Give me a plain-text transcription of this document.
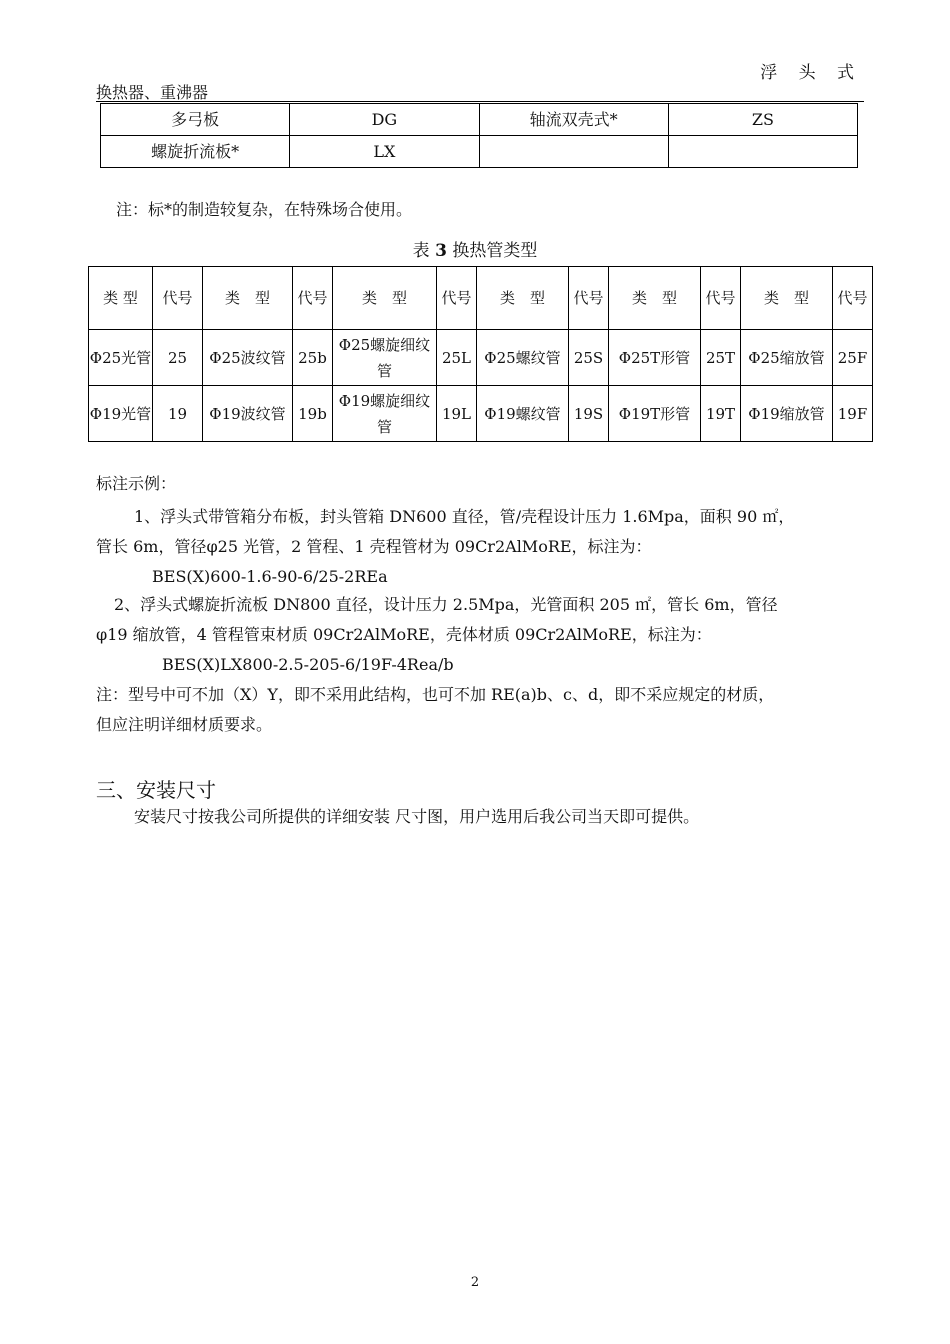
浮 头 式
换热器、重沸器
多弓板	DG	轴流双壳式*	ZS
螺旋折流板*	LX		
注：标*的制造较复杂，在特殊场合使用。
表 3 换热管类型
类 型	代号	类　型	代号	类　型	代号	类　型	代号	类　型	代号	类　型	代号
Φ25光管	25	Φ25波纹管	25b	Φ25螺旋细纹管	25L	Φ25螺纹管	25S	Φ25T形管	25T	Φ25缩放管	25F
Φ19光管	19	Φ19波纹管	19b	Φ19螺旋细纹管	19L	Φ19螺纹管	19S	Φ19T形管	19T	Φ19缩放管	19F
标注示例：
1、浮头式带管箱分布板，封头管箱 DN600 直径，管/壳程设计压力 1.6Mpa，面积 90 ㎡，
管长 6m，管径φ25 光管，2 管程、1 壳程管材为 09Cr2AlMoRE，标注为：
BES(X)600-1.6-90-6/25-2REa
2、浮头式螺旋折流板 DN800 直径，设计压力 2.5Mpa，光管面积 205 ㎡，管长 6m，管径
φ19 缩放管，4 管程管束材质 09Cr2AlMoRE，壳体材质 09Cr2AlMoRE，标注为：
BES(X)LX800-2.5-205-6/19F-4Rea/b
注：型号中可不加（X）Y，即不采用此结构，也可不加 RE(a)b、c、d，即不采应规定的材质，
但应注明详细材质要求。
三、安装尺寸
安装尺寸按我公司所提供的详细安装 尺寸图，用户选用后我公司当天即可提供。
2
